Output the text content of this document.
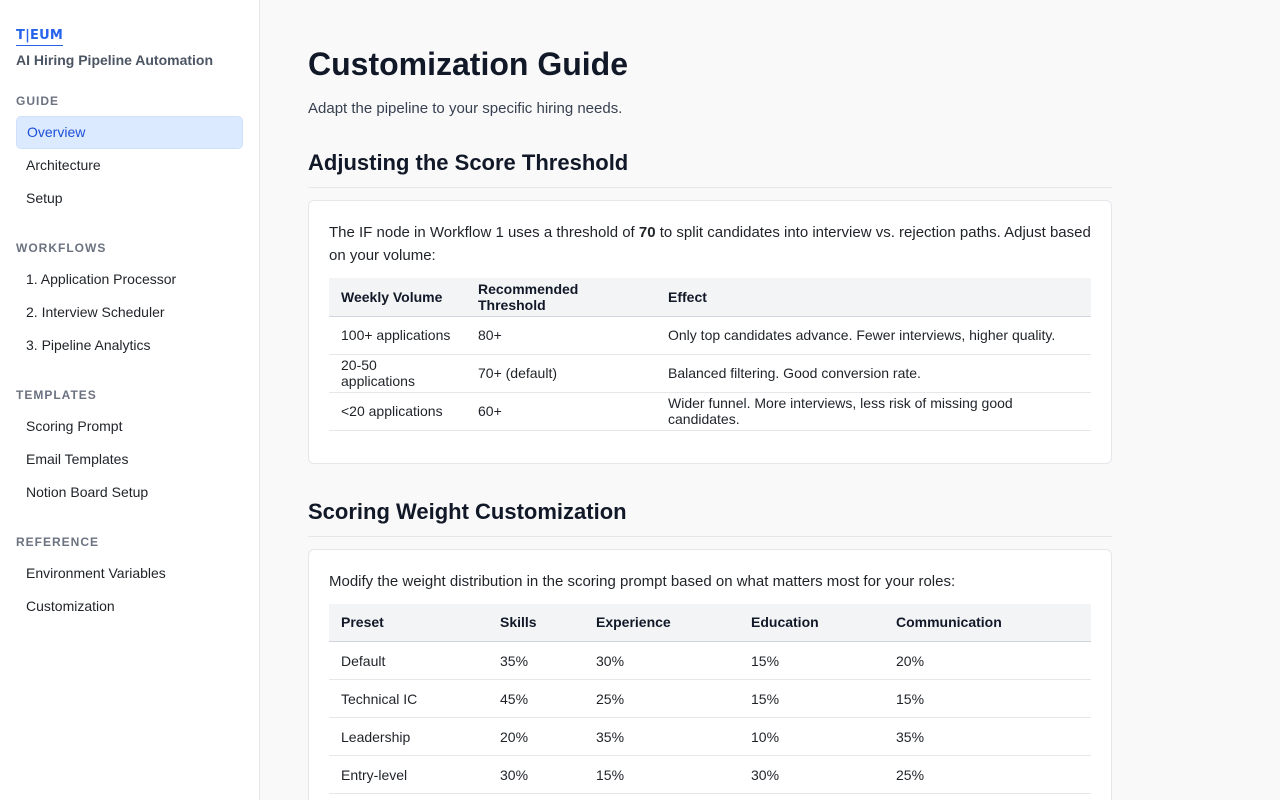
T|EUM
AI Hiring Pipeline Automation
GUIDE
Overview
Architecture
Setup
WORKFLOWS
1. Application Processor
2. Interview Scheduler
3. Pipeline Analytics
TEMPLATES
Scoring Prompt
Email Templates
Notion Board Setup
REFERENCE
Environment Variables
Customization
Customization Guide

Adapt the pipeline to your specific hiring needs.

Adjusting the Score Threshold

The IF node in Workflow 1 uses a threshold of 70 to split candidates into interview vs. rejection paths. Adjust based on your volume:

Weekly Volume	Recommended Threshold	Effect
100+ applications	80+	Only top candidates advance. Fewer interviews, higher quality.
20-50 applications	70+ (default)	Balanced filtering. Good conversion rate.
<20 applications	60+	Wider funnel. More interviews, less risk of missing good candidates.
Scoring Weight Customization

Modify the weight distribution in the scoring prompt based on what matters most for your roles:

Preset	Skills	Experience	Education	Communication
Default	35%	30%	15%	20%
Technical IC	45%	25%	15%	15%
Leadership	20%	35%	10%	35%
Entry-level	30%	15%	30%	25%
